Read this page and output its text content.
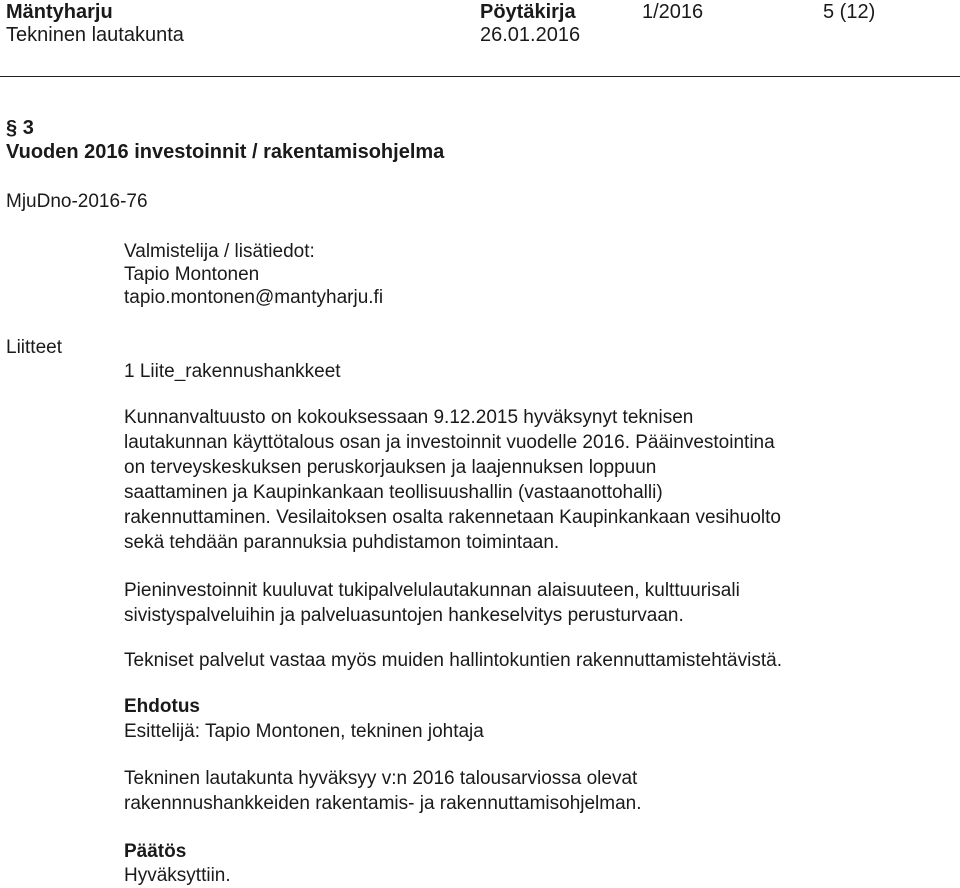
Mäntyharju
Tekninen lautakunta
Pöytäkirja
26.01.2016
1/2016	5 (12)
§ 3
Vuoden 2016 investoinnit / rakentamisohjelma
MjuDno-2016-76
Valmistelija / lisätiedot:
Tapio Montonen
tapio.montonen@mantyharju.fi
Liitteet
1 Liite_rakennushankkeet
Kunnanvaltuusto on kokouksessaan 9.12.2015 hyväksynyt teknisen
lautakunnan käyttötalous osan ja investoinnit vuodelle 2016. Pääinvestointina
on terveyskeskuksen peruskorjauksen ja laajennuksen loppuun
saattaminen ja Kaupinkankaan teollisuushallin (vastaanottohalli)
rakennuttaminen. Vesilaitoksen osalta rakennetaan Kaupinkankaan vesihuolto
sekä tehdään parannuksia puhdistamon toimintaan.
Pieninvestoinnit kuuluvat tukipalvelulautakunnan alaisuuteen, kulttuurisali
sivistyspalveluihin ja palveluasuntojen hankeselvitys perusturvaan.
Tekniset palvelut vastaa myös muiden hallintokuntien rakennuttamistehtävistä.
Ehdotus
Esittelijä: Tapio Montonen, tekninen johtaja
Tekninen lautakunta hyväksyy v:n 2016 talousarviossa olevat
rakennnushankkeiden rakentamis- ja rakennuttamisohjelman.
Päätös
Hyväksyttiin.
